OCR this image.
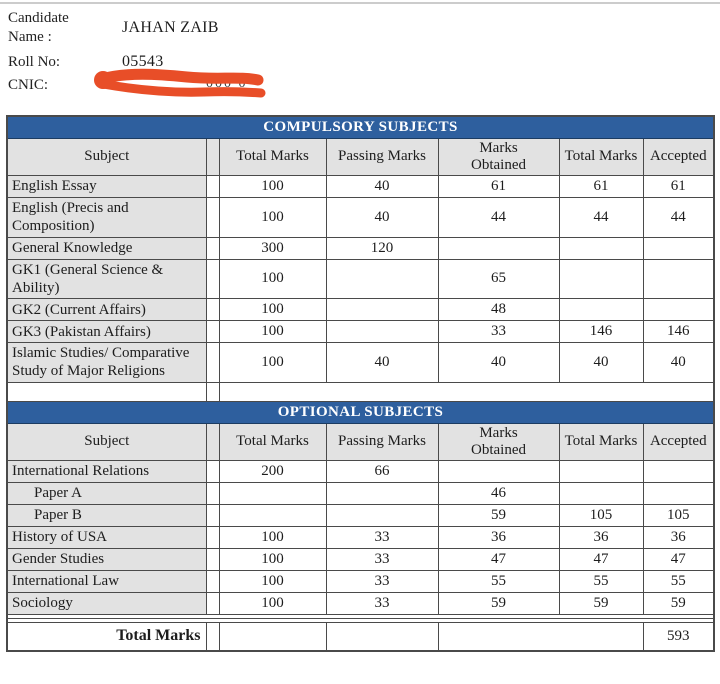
Candidate Name :
JAHAN ZAIB
Roll No:	05543
CNIC:	000 0
COMPULSORY SUBJECTS						
Subject		Total Marks	Passing Marks	Marks Obtained	Total Marks	Accepted
English Essay		100	40	61	61	61
English (Precis and Composition)		100	40	44	44	44
General Knowledge		300	120			
GK1 (General Science & Ability)		100		65		
GK2 (Current Affairs)		100		48		
GK3 (Pakistan Affairs)		100		33	146	146
Islamic Studies/ Comparative Study of Major Religions		100	40	40	40	40

OPTIONAL SUBJECTS						
Subject		Total Marks	Passing Marks	Marks Obtained	Total Marks	Accepted
International Relations		200	66			
Paper A				46		
Paper B				59	105	105
History of USA		100	33	36	36	36
Gender Studies		100	33	47	47	47
International Law		100	33	55	55	55
Sociology		100	33	59	59	59

Total Marks						593
